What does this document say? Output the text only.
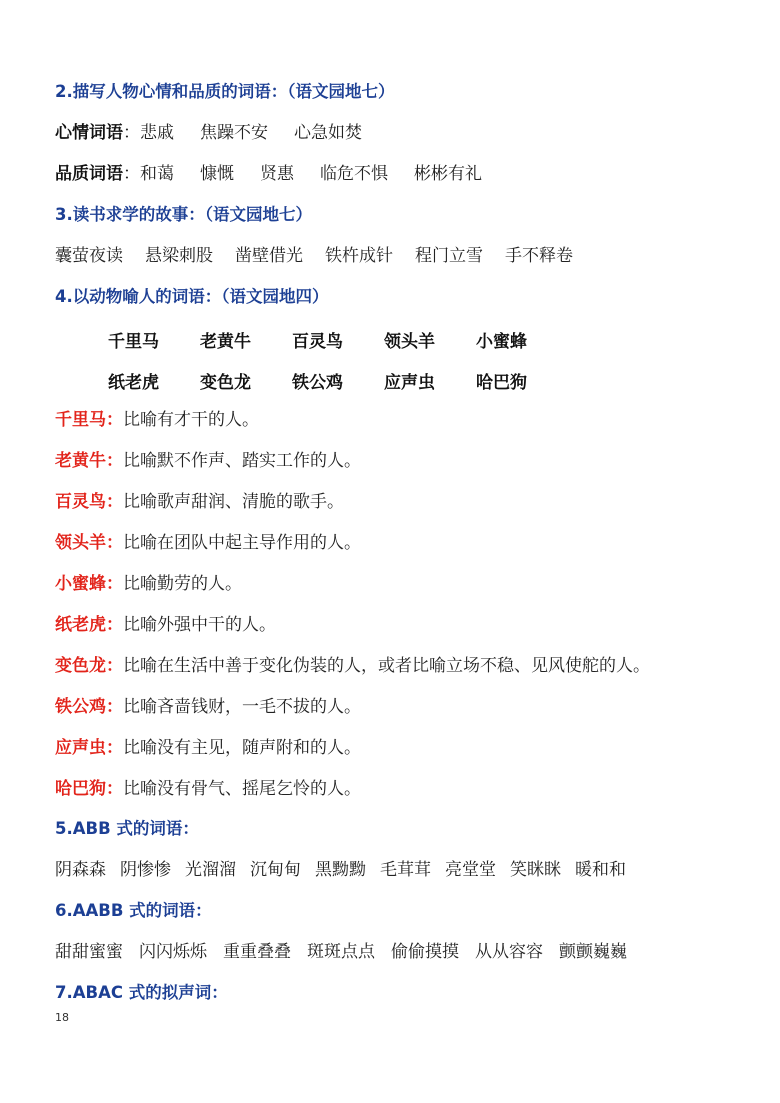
2.描写人物心情和品质的词语：（语文园地七）
心情词语：悲戚 焦躁不安 心急如焚
品质词语：和蔼 慷慨 贤惠 临危不惧 彬彬有礼
3.读书求学的故事：（语文园地七）
囊萤夜读 悬梁刺股 凿壁借光 铁杵成针 程门立雪 手不释卷
4.以动物喻人的词语：（语文园地四）
千里马 老黄牛 百灵鸟 领头羊 小蜜蜂
纸老虎 变色龙 铁公鸡 应声虫 哈巴狗
千里马：比喻有才干的人。
老黄牛：比喻默不作声、踏实工作的人。
百灵鸟：比喻歌声甜润、清脆的歌手。
领头羊：比喻在团队中起主导作用的人。
小蜜蜂：比喻勤劳的人。
纸老虎：比喻外强中干的人。
变色龙：比喻在生活中善于变化伪装的人，或者比喻立场不稳、见风使舵的人。
铁公鸡：比喻吝啬钱财，一毛不拔的人。
应声虫：比喻没有主见，随声附和的人。
哈巴狗：比喻没有骨气、摇尾乞怜的人。
5.ABB 式的词语：
阴森森 阴惨惨 光溜溜 沉甸甸 黑黝黝 毛茸茸 亮堂堂 笑眯眯 暖和和
6.AABB 式的词语：
甜甜蜜蜜 闪闪烁烁 重重叠叠 斑斑点点 偷偷摸摸 从从容容 颤颤巍巍
7.ABAC 式的拟声词：
18
